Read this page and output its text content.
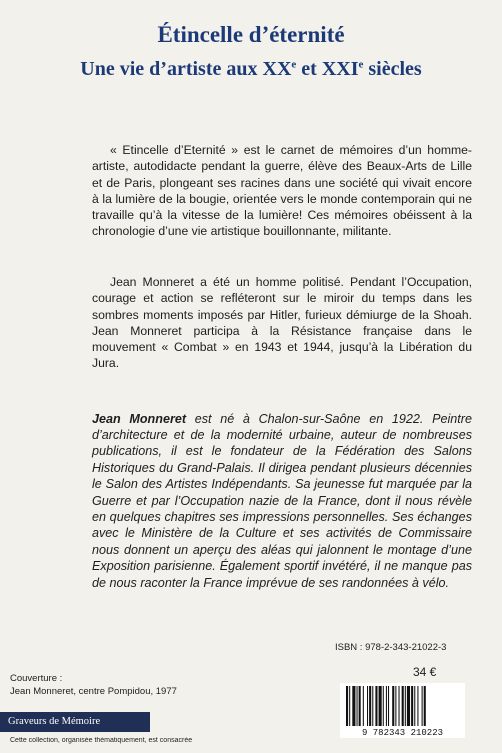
Étincelle d’éternité
Une vie d’artiste aux XXe et XXIe siècles

« Etincelle d’Eternité » est le carnet de mémoires d’un homme-artiste, autodidacte pendant la guerre, élève des Beaux-Arts de Lille et de Paris, plongeant ses racines dans une société qui vivait encore à la lumière de la bougie, orientée vers le monde contemporain qui ne travaille qu’à la vitesse de la lumière! Ces mémoires obéissent à la chronologie d’une vie artistique bouillonnante, militante.

Jean Monneret a été un homme politisé. Pendant l’Occupation, courage et action se refléteront sur le miroir du temps dans les sombres moments imposés par Hitler, furieux démiurge de la Shoah. Jean Monneret participa à la Résistance française dans le mouvement « Combat » en 1943 et 1944, jusqu’à la Libération du Jura.

Jean Monneret est né à Chalon-sur-Saône en 1922. Peintre d’architecture et de la modernité urbaine, auteur de nombreuses publications, il est le fondateur de la Fédération des Salons Historiques du Grand-Palais. Il dirigea pendant plusieurs décennies le Salon des Artistes Indépendants. Sa jeunesse fut marquée par la Guerre et par l’Occupation nazie de la France, dont il nous révèle en quelques chapitres ses impressions personnelles. Ses échanges avec le Ministère de la Culture et ses activités de Commissaire nous donnent un aperçu des aléas qui jalonnent le montage d’une Exposition parisienne. Également sportif invétéré, il ne manque pas de nous raconter la France imprévue de ses randonnées à vélo.

ISBN : 978-2-343-21022-3
34 €
Couverture :
Jean Monneret, centre Pompidou, 1977
Graveurs de Mémoire
Cette collection, organisée thématiquement, est consacrée
9 782343 210223
